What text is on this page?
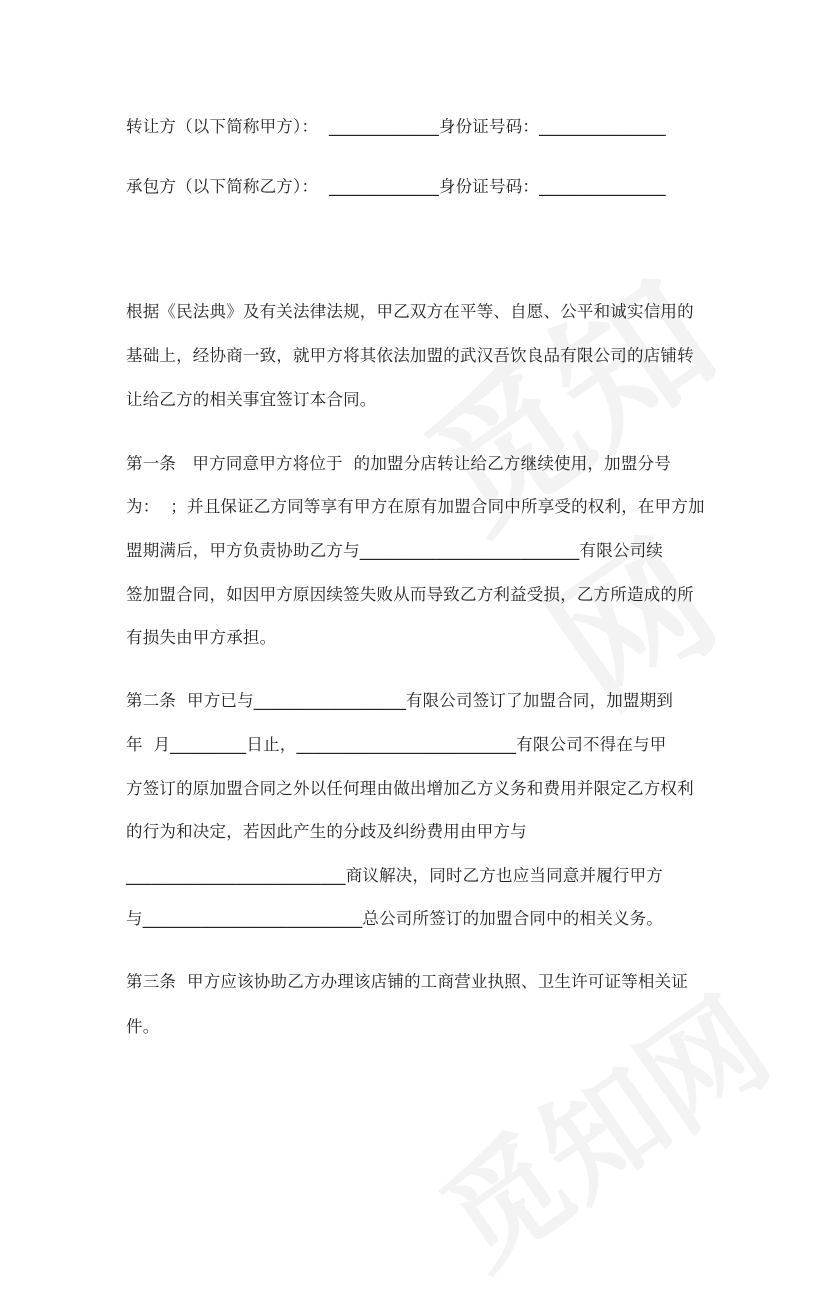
转让方（以下简称甲方）：  _____________身份证号码：_______________
承包方（以下简称乙方）：  _____________身份证号码：_______________
根据《民法典》及有关法律法规，甲乙双方在平等、自愿、公平和诚实信用的
基础上，经协商一致，就甲方将其依法加盟的武汉吾饮良品有限公司的店铺转
让给乙方的相关事宜签订本合同。
第一条   甲方同意甲方将位于  的加盟分店转让给乙方继续使用，加盟分号
为：  ；并且保证乙方同等享有甲方在原有加盟合同中所享受的权利，在甲方加
盟期满后，甲方负责协助乙方与__________________________有限公司续
签加盟合同，如因甲方原因续签失败从而导致乙方利益受损，乙方所造成的所
有损失由甲方承担。
第二条  甲方已与__________________有限公司签订了加盟合同，加盟期到
年  月_________日止，__________________________有限公司不得在与甲
方签订的原加盟合同之外以任何理由做出增加乙方义务和费用并限定乙方权利
的行为和决定，若因此产生的分歧及纠纷费用由甲方与
__________________________商议解决，同时乙方也应当同意并履行甲方
与__________________________总公司所签订的加盟合同中的相关义务。
第三条  甲方应该协助乙方办理该店铺的工商营业执照、卫生许可证等相关证
件。
